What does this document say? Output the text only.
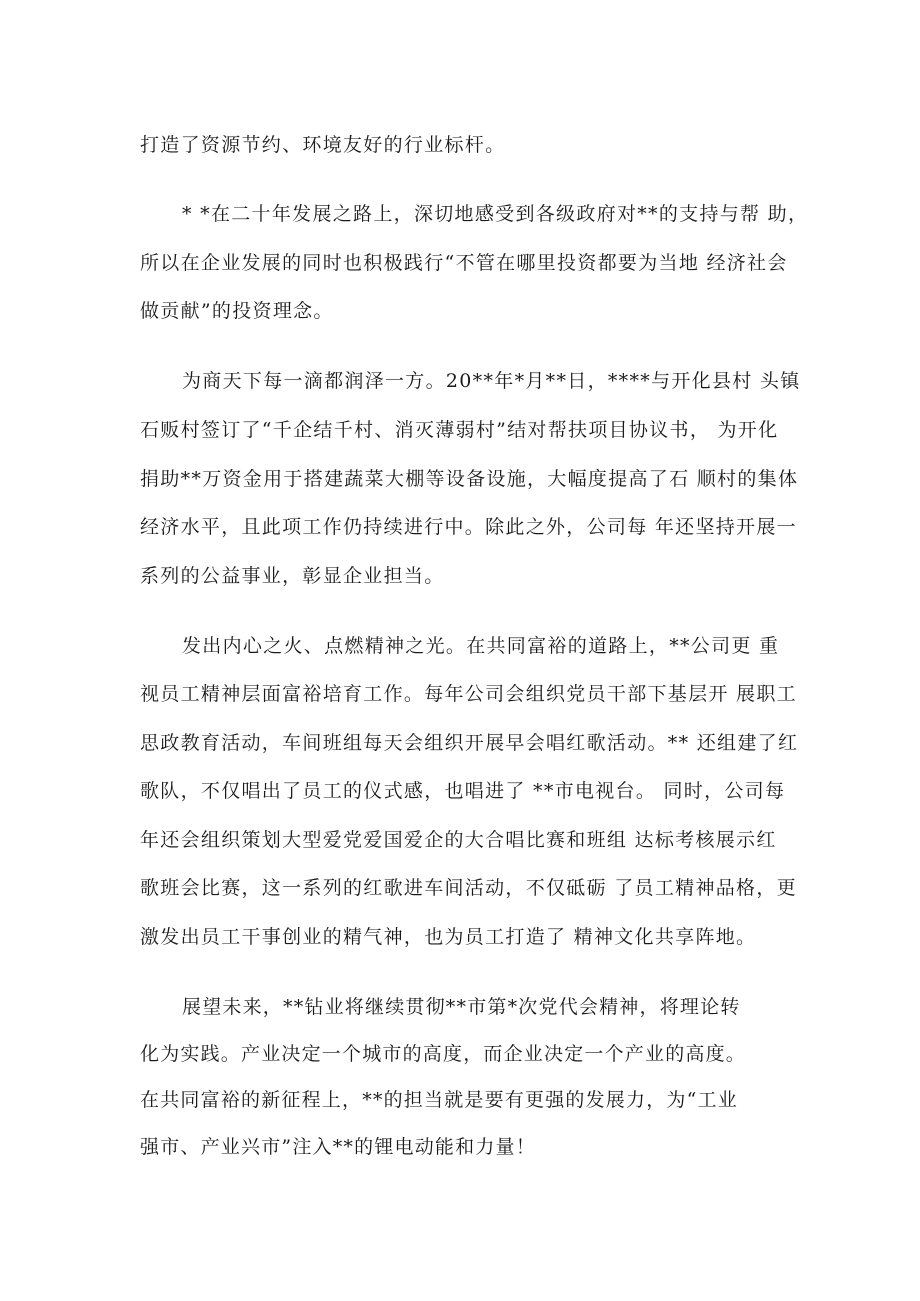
打造了资源节约、环境友好的行业标杆。
* *在二十年发展之路上，深切地感受到各级政府对**的支持与帮 助，
所以在企业发展的同时也积极践行“不管在哪里投资都要为当地 经济社会
做贡献”的投资理念。
为商天下每一滴都润泽一方。20**年*月**日，****与开化县村 头镇
石贩村签订了“千企结千村、消灭薄弱村”结对帮扶项目协议书， 为开化
捐助**万资金用于搭建蔬菜大棚等设备设施，大幅度提高了石 顺村的集体
经济水平，且此项工作仍持续进行中。除此之外，公司每 年还坚持开展一
系列的公益事业，彰显企业担当。
发出内心之火、点燃精神之光。在共同富裕的道路上，**公司更 重
视员工精神层面富裕培育工作。每年公司会组织党员干部下基层开 展职工
思政教育活动，车间班组每天会组织开展早会唱红歌活动。** 还组建了红
歌队，不仅唱出了员工的仪式感，也唱进了 **市电视台。 同时，公司每
年还会组织策划大型爱党爱国爱企的大合唱比赛和班组 达标考核展示红
歌班会比赛，这一系列的红歌进车间活动，不仅砥砺 了员工精神品格，更
激发出员工干事创业的精气神，也为员工打造了 精神文化共享阵地。
展望未来，**钻业将继续贯彻**市第*次党代会精神，将理论转
化为实践。产业决定一个城市的高度，而企业决定一个产业的高度。
在共同富裕的新征程上，**的担当就是要有更强的发展力，为“工业
强市、产业兴市”注入**的锂电动能和力量！
